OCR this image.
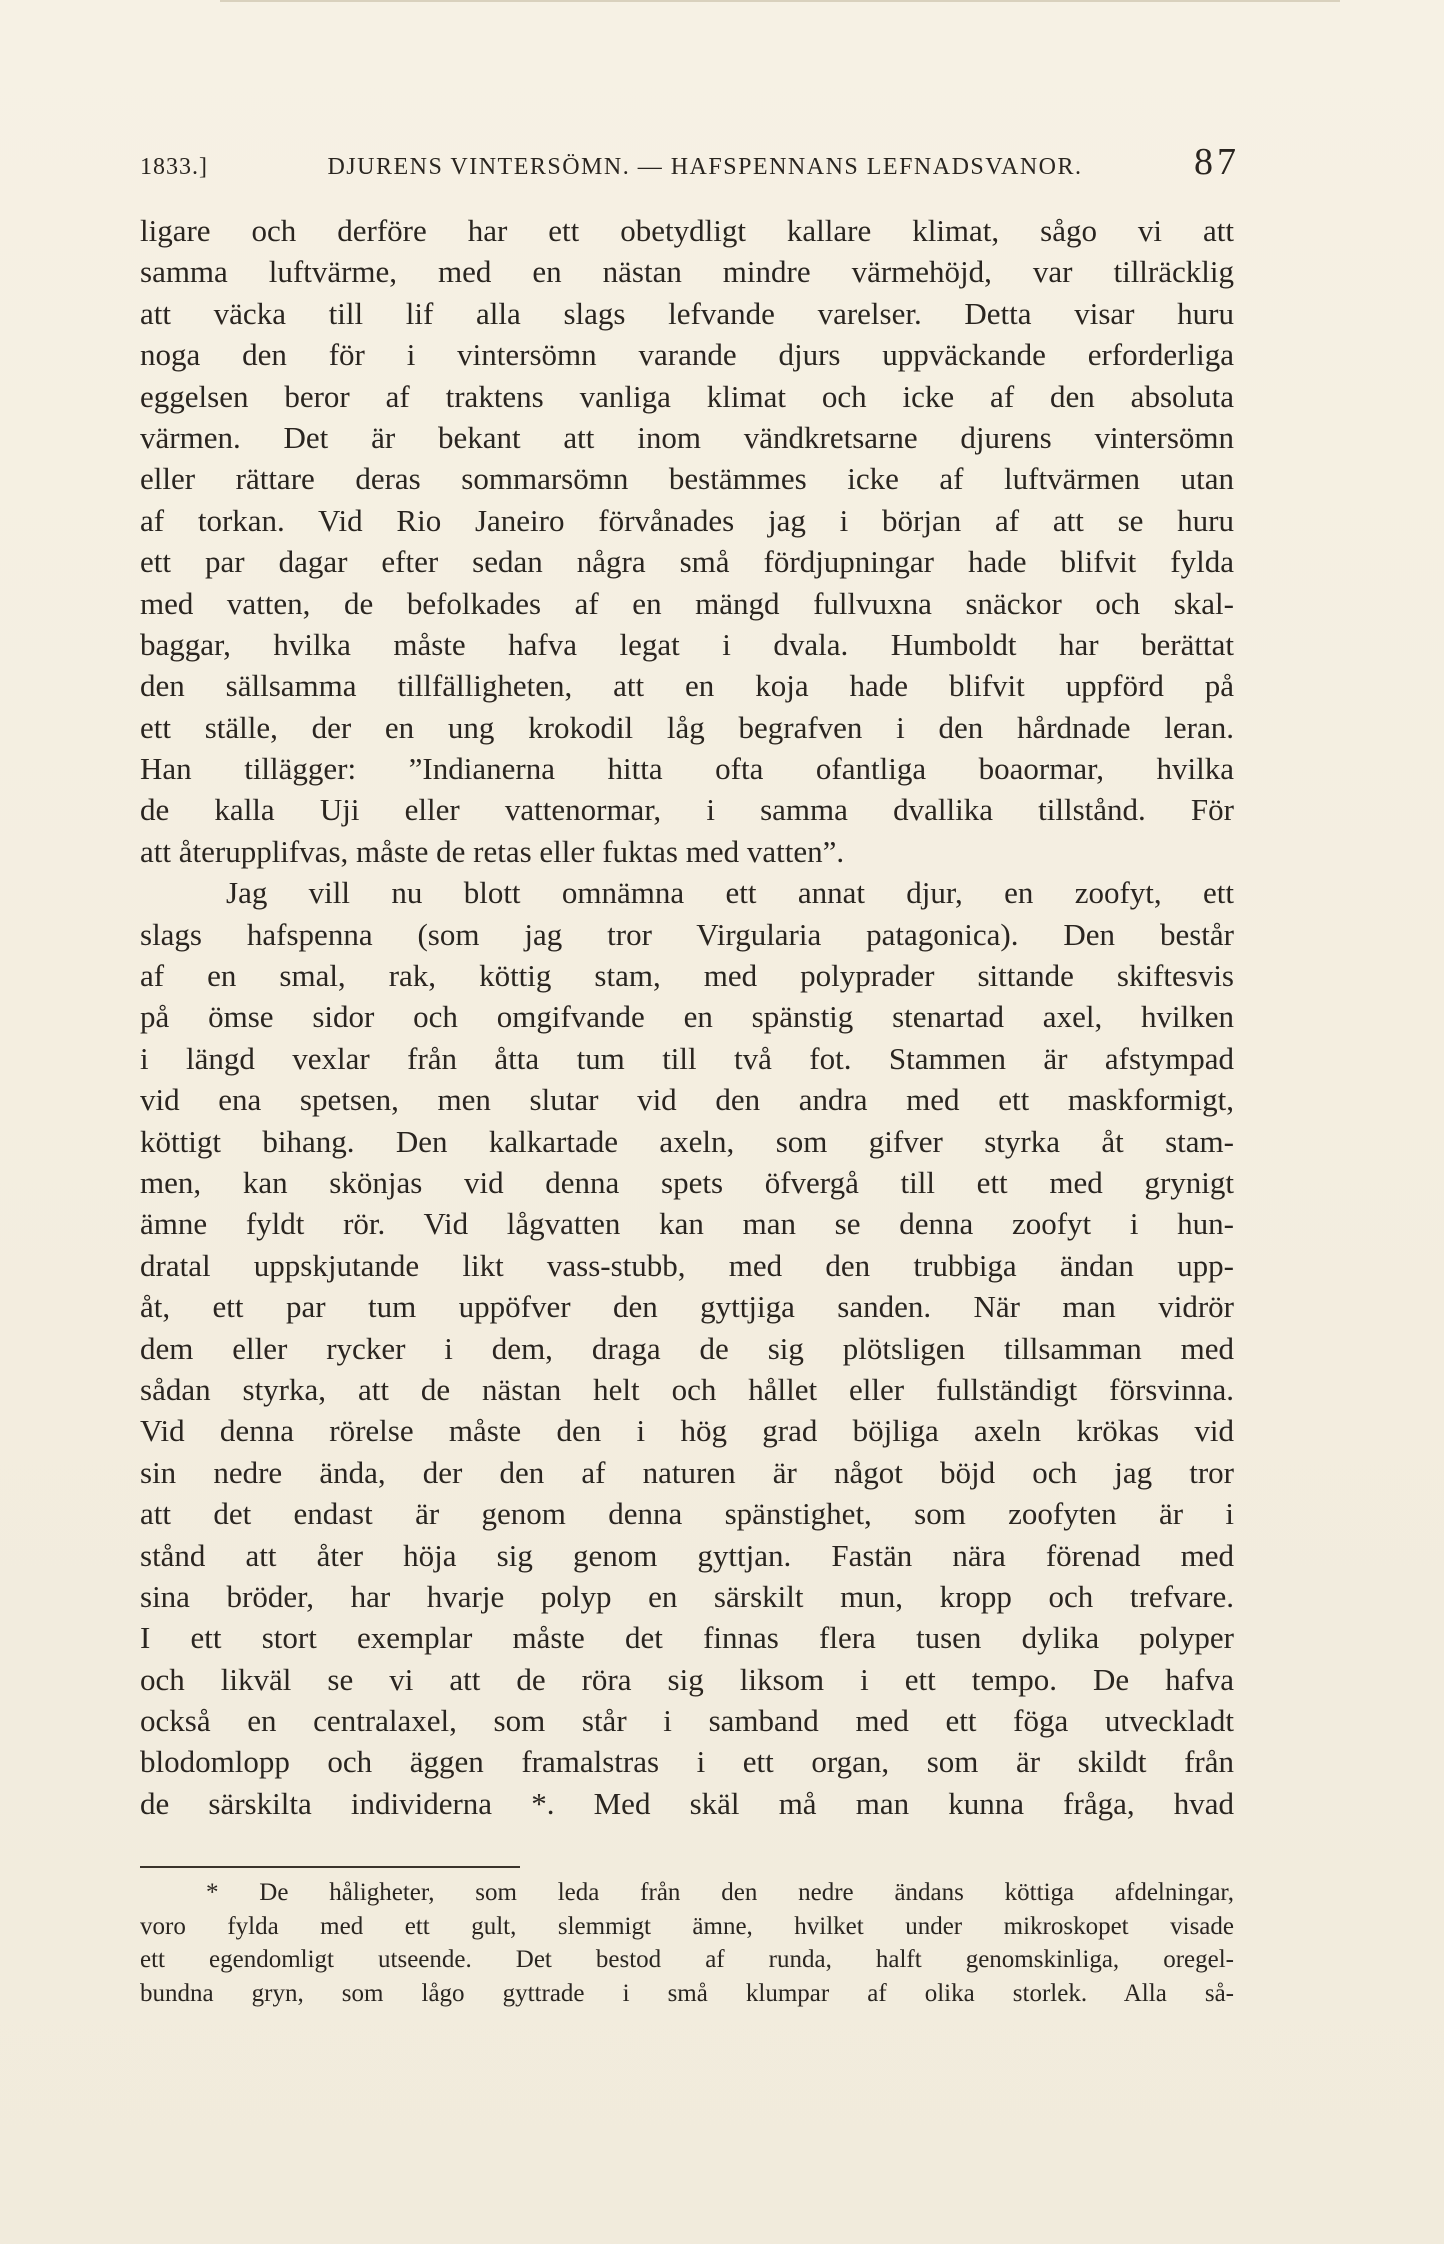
1833.]	DJURENS VINTERSÖMN. — HAFSPENNANS LEFNADSVANOR.	87
ligare och derföre har ett obetydligt kallare klimat, sågo vi att
samma luftvärme, med en nästan mindre värmehöjd, var tillräcklig
att väcka till lif alla slags lefvande varelser. Detta visar huru
noga den för i vintersömn varande djurs uppväckande erforderliga
eggelsen beror af traktens vanliga klimat och icke af den absoluta
värmen. Det är bekant att inom vändkretsarne djurens vintersömn
eller rättare deras sommarsömn bestämmes icke af luftvärmen utan
af torkan. Vid Rio Janeiro förvånades jag i början af att se huru
ett par dagar efter sedan några små fördjupningar hade blifvit fylda
med vatten, de befolkades af en mängd fullvuxna snäckor och skal-
baggar, hvilka måste hafva legat i dvala. Humboldt har berättat
den sällsamma tillfälligheten, att en koja hade blifvit uppförd på
ett ställe, der en ung krokodil låg begrafven i den hårdnade leran.
Han tillägger: ”Indianerna hitta ofta ofantliga boaormar, hvilka
de kalla Uji eller vattenormar, i samma dvallika tillstånd. För
att återupplifvas, måste de retas eller fuktas med vatten”.
Jag vill nu blott omnämna ett annat djur, en zoofyt, ett
slags hafspenna (som jag tror Virgularia patagonica). Den består
af en smal, rak, köttig stam, med polyprader sittande skiftesvis
på ömse sidor och omgifvande en spänstig stenartad axel, hvilken
i längd vexlar från åtta tum till två fot. Stammen är afstympad
vid ena spetsen, men slutar vid den andra med ett maskformigt,
köttigt bihang. Den kalkartade axeln, som gifver styrka åt stam-
men, kan skönjas vid denna spets öfvergå till ett med grynigt
ämne fyldt rör. Vid lågvatten kan man se denna zoofyt i hun-
dratal uppskjutande likt vass-stubb, med den trubbiga ändan upp-
åt, ett par tum uppöfver den gyttjiga sanden. När man vidrör
dem eller rycker i dem, draga de sig plötsligen tillsamman med
sådan styrka, att de nästan helt och hållet eller fullständigt försvinna.
Vid denna rörelse måste den i hög grad böjliga axeln krökas vid
sin nedre ända, der den af naturen är något böjd och jag tror
att det endast är genom denna spänstighet, som zoofyten är i
stånd att åter höja sig genom gyttjan. Fastän nära förenad med
sina bröder, har hvarje polyp en särskilt mun, kropp och trefvare.
I ett stort exemplar måste det finnas flera tusen dylika polyper
och likväl se vi att de röra sig liksom i ett tempo. De hafva
också en centralaxel, som står i samband med ett föga utveckladt
blodomlopp och äggen framalstras i ett organ, som är skildt från
de särskilta individerna *. Med skäl må man kunna fråga, hvad
* De håligheter, som leda från den nedre ändans köttiga afdelningar,
voro fylda med ett gult, slemmigt ämne, hvilket under mikroskopet visade
ett egendomligt utseende. Det bestod af runda, halft genomskinliga, oregel-
bundna gryn, som lågo gyttrade i små klumpar af olika storlek. Alla så-
